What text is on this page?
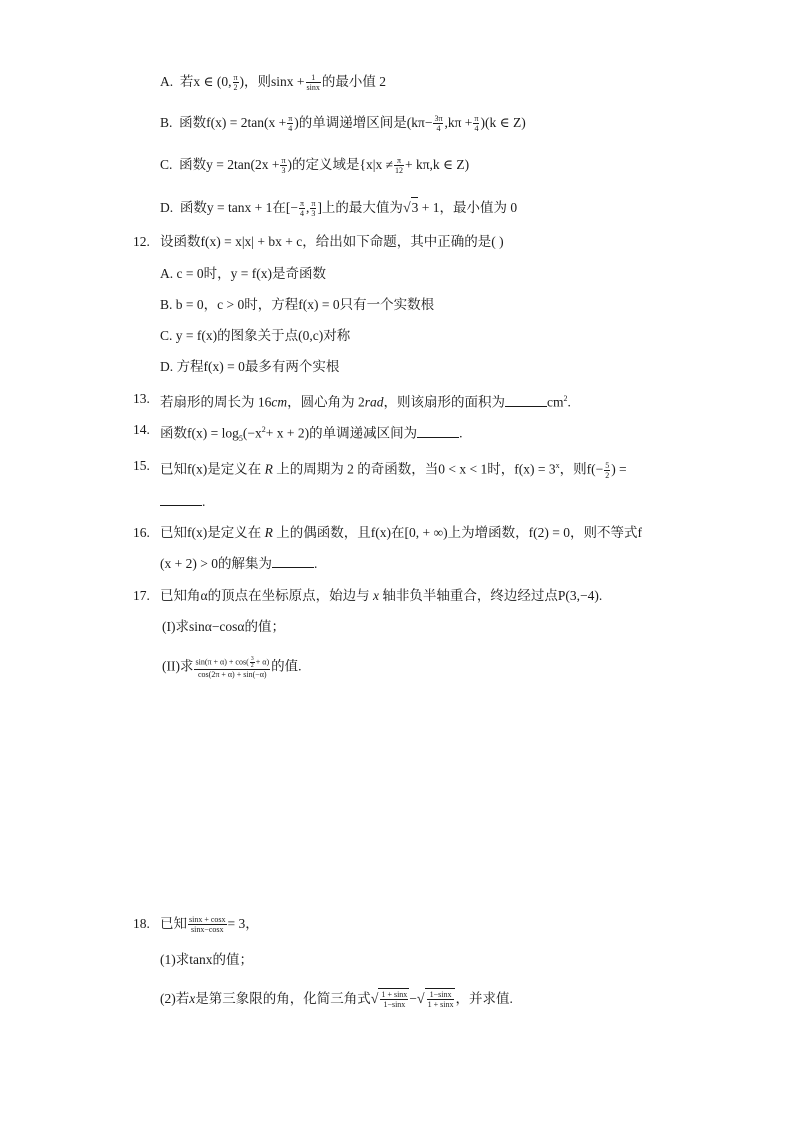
A. 若x ∈ (0, $\frac{\pi}{2}$ )，则$\sin x + \frac{1}{\sin x}$ 的最小值 2
B. 函数$f(x) = 2\tan(x + \frac{\pi}{4}$ )的单调递增区间是$(k\pi- \frac{3\pi}{4} ,k\pi + \frac{\pi}{4} )(k$ ∈ Z)
C. 函数$y = 2\tan(2x + \frac{\pi}{3}$ )的定义域是{$x|x \ne \frac{\pi}{12} + k\pi,k$ ∈ Z)
D. 函数y = tanx + 1在[− $\frac{\pi}{4}$ , $\frac{\pi}{3}$ ]上的最大值为√3 + 1，最小值为 0
12. 设函数f(x) = x|x| + bx + c，给出如下命题，其中正确的是( )
A. c = 0时，y = f(x)是奇函数
B. b = 0，c > 0时，方程f(x) = 0只有一个实数根
C. y = f(x)的图象关于点(0,c)对称
D. 方程f(x) = 0最多有两个实根
13. 若扇形的周长为 16cm，圆心角为 2rad，则该扇形的面积为	$cm^2$.
14. 函数$f(x) = \log_5(-x^2+ x + 2)$的单调递减区间为	.
15. 已知f(x)是定义在 R 上的周期为 2 的奇函数，当0 < x < 1时，$f(x) = 3^x$，则$f(- \frac{5}{2}$ ) =
.
16. 已知f(x)是定义在 R 上的偶函数，且f(x)在[0, + ∞)上为增函数，f(2) = 0，则不等式f
(x + 2) > 0的解集为	.
17. 已知角α的顶点在坐标原点，始边与 x 轴非负半轴重合，终边经过点P(3,−4).
(I)求sinα−cosα的值；
(II)求 $\frac{\sin(\pi + \alpha) + \cos( \frac{3}{2} + \alpha)}{\cos(2\pi + \alpha) + \sin(-\alpha)}$ 的值.
18. 已知 $\frac{\sin x + \cos x}{\sin x-\cos x} = 3$，
(1)求tanx的值；
(2)若x是第三象限的角，化简三角式√ $\frac{1 + \sin x}{1-\sin x}$ −√ $\frac{1-\sin x}{1 + \sin x}$ ，并求值.
